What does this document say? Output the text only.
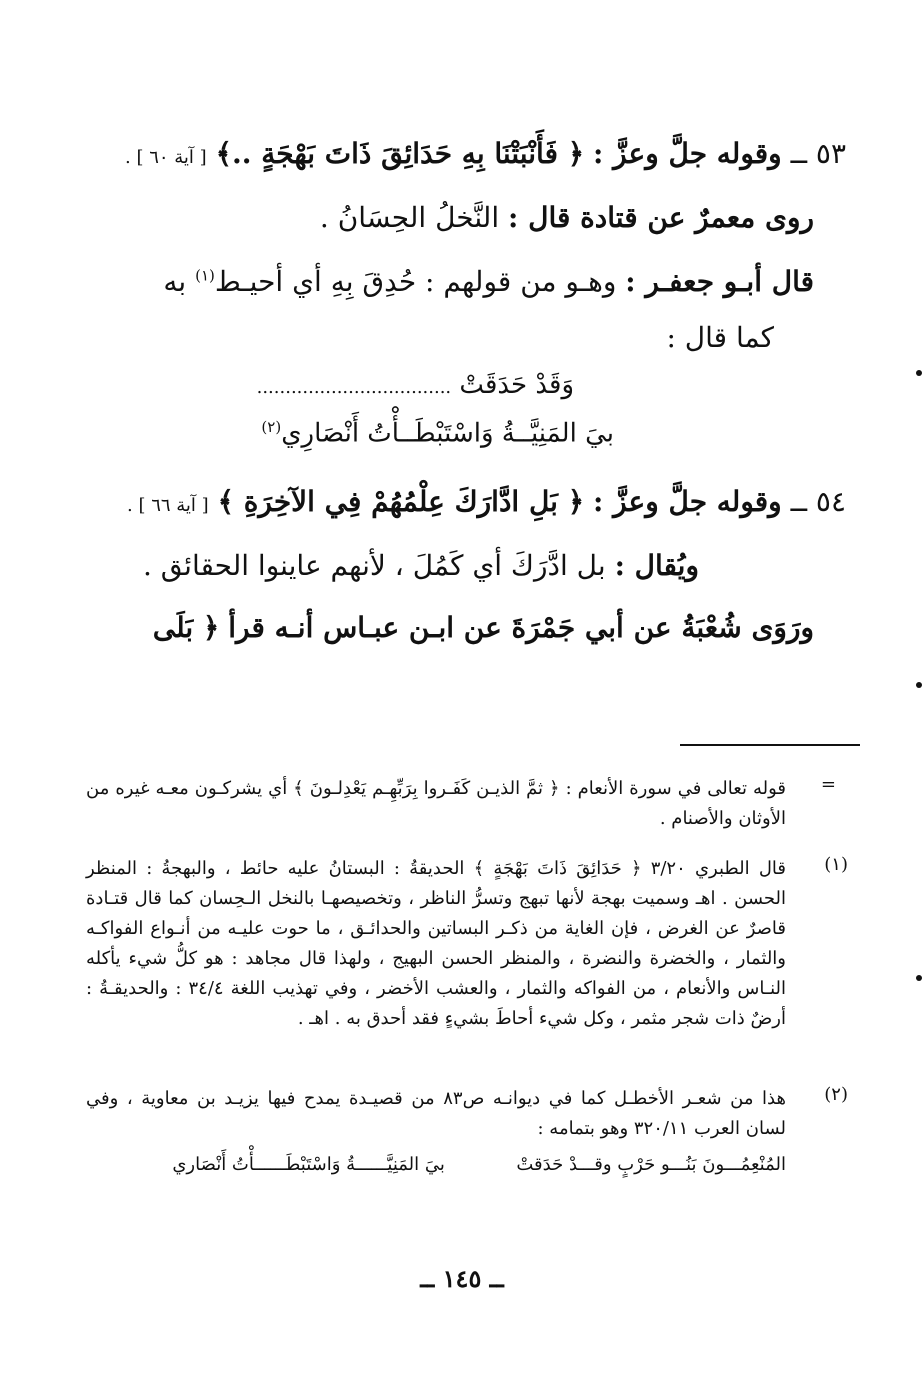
٥٣ ــ وقوله جلَّ وعزَّ : ﴿ فَأَنْبَتْنَا بِهِ حَدَائِقَ ذَاتَ بَهْجَةٍ ..﴾ [ آية ٦٠ ] .
روى معمرٌ عن قتادة قال : النَّخلُ الحِسَانُ .
قال أبـو جعفـر : وهـو من قولهم : حُدِقَ بِهِ أي أحيـط$^{(١)}$ به
كما قال :
وَقَدْ حَدَقَتْ ..................................
بيَ المَنِيَّــةُ وَاسْتَبْطَــأْتُ أَنْصَارِي$^{(٢)}$
٥٤ ــ وقوله جلَّ وعزَّ : ﴿ بَلِ ادَّارَكَ عِلْمُهُمْ فِي الآخِرَةِ ﴾ [ آية ٦٦ ] .
ويُقال : بل ادَّرَكَ أي كَمُلَ ، لأنهم عاينوا الحقائق .
ورَوَى شُعْبَةُ عن أبي جَمْرَةَ عن ابـن عبـاس أنـه قرأ ﴿ بَلَى
=
قوله تعالى في سورة الأنعام : ﴿ ثمَّ الذيـن كَفَـروا بِرَبِّهِـم يَعْدِلـونَ ﴾ أي يشركـون معـه غيره من الأوثان والأصنام .
(١)
قال الطبري ٣/٢٠ ﴿ حَدَائِقَ ذَاتَ بَهْجَةٍ ﴾ الحديقةُ : البستانُ عليه حائط ، والبهجةُ : المنظر الحسن . اهـ وسميت بهجة لأنها تبهج وتسرُّ الناظر ، وتخصيصهـا بالنخل الـحِسان كما قال قتـادة قاصرٌ عن الغرض ، فإن الغاية من ذكـر البساتين والحدائـق ، ما حوت عليـه من أنـواع الفواكـه والثمار ، والخضرة والنضرة ، والمنظر الحسن البهيج ، ولهذا قال مجاهد : هو كلُّ شيء يأكله النـاس والأنعام ، من الفواكه والثمار ، والعشب الأخضر ، وفي تهذيب اللغة ٣٤/٤ : والحديقـةُ : أرضٌ ذات شجر مثمر ، وكل شيء أحاطَ بشيءٍ فقد أحدق به . اهـ .
(٢)
هذا من شعـر الأخطـل كما في ديوانـه ص٨٣ من قصيـدة يمدح فيها يزيـد بن معاوية ، وفي لسان العرب ٣٢٠/١١ وهو بتمامه :
المُنْعِمُـــونَ بَنُـــو حَرْبٍ وقـــدْ حَدَقتْ  بيَ المَنِيَّــــــةُ وَاسْتَبْطَــــــأْتُ أَنْصَاري
ــ ١٤٥ ــ
